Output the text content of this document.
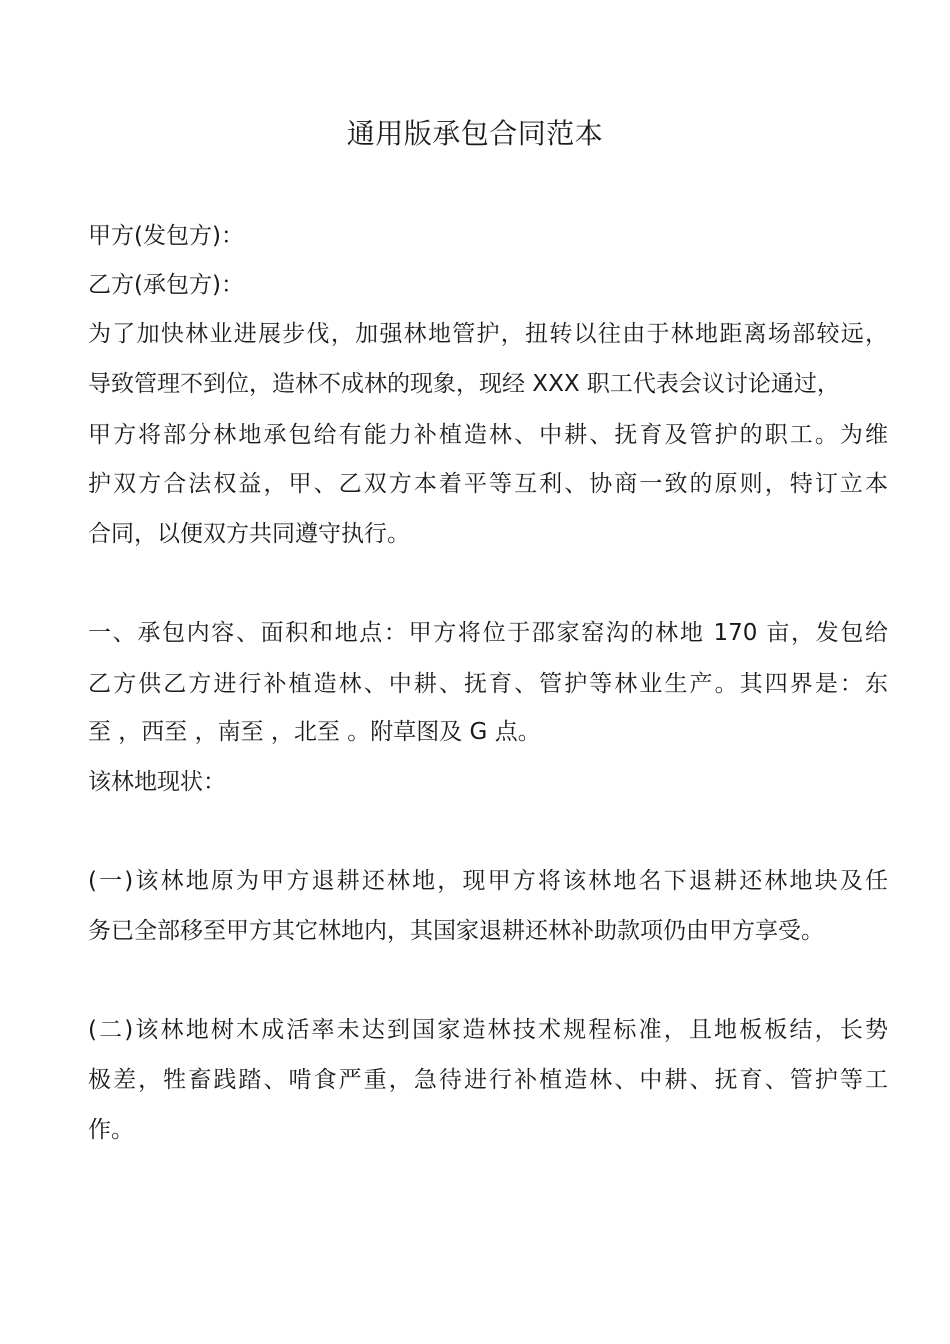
通用版承包合同范本
甲方(发包方)：
乙方(承包方)：
为了加快林业进展步伐，加强林地管护，扭转以往由于林地距离场部较远，
导致管理不到位，造林不成林的现象，现经 XXX 职工代表会议讨论通过，
甲方将部分林地承包给有能力补植造林、中耕、抚育及管护的职工。为维
护双方合法权益，甲、乙双方本着平等互利、协商一致的原则，特订立本
合同，以便双方共同遵守执行。
一、承包内容、面积和地点：甲方将位于邵家窑沟的林地 170 亩，发包给
乙方供乙方进行补植造林、中耕、抚育、管护等林业生产。其四界是：东
至 ，西至 ，南至 ，北至 。附草图及 G 点。
该林地现状：
(一)该林地原为甲方退耕还林地，现甲方将该林地名下退耕还林地块及任
务已全部移至甲方其它林地内，其国家退耕还林补助款项仍由甲方享受。
(二)该林地树木成活率未达到国家造林技术规程标准，且地板板结，长势
极差，牲畜践踏、啃食严重，急待进行补植造林、中耕、抚育、管护等工
作。
